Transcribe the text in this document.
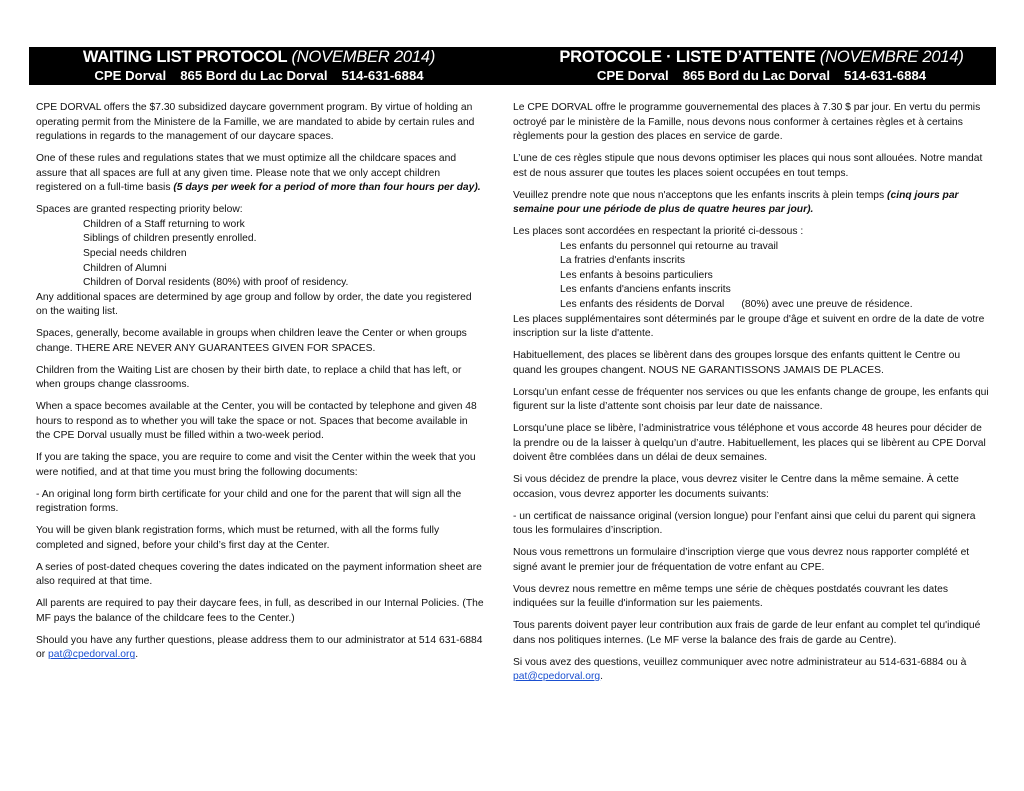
WAITING LIST PROTOCOL (NOVEMBER 2014)
CPE Dorval 865 Bord du Lac Dorval 514-631-6884
PROTOCOLE · LISTE D’ATTENTE (NOVEMBRE 2014)
CPE Dorval 865 Bord du Lac Dorval 514-631-6884

CPE DORVAL offers the $7.30 subsidized daycare government program. By virtue of holding an operating permit from the Ministere de la Famille, we are mandated to abide by certain rules and regulations in regards to the management of our daycare spaces.

One of these rules and regulations states that we must optimize all the childcare spaces and assure that all spaces are full at any given time. Please note that we only accept children registered on a full-time basis (5 days per week for a period of more than four hours per day).

Spaces are granted respecting priority below:
Children of a Staff returning to work
Siblings of children presently enrolled.
Special needs children
Children of Alumni
Children of Dorval residents (80%) with proof of residency.
Any additional spaces are determined by age group and follow by order, the date you registered on the waiting list.

Spaces, generally, become available in groups when children leave the Center or when groups change. THERE ARE NEVER ANY GUARANTEES GIVEN FOR SPACES.

Children from the Waiting List are chosen by their birth date, to replace a child that has left, or when groups change classrooms.

When a space becomes available at the Center, you will be contacted by telephone and given 48 hours to respond as to whether you will take the space or not. Spaces that become available in the CPE Dorval usually must be filled within a two-week period.

If you are taking the space, you are require to come and visit the Center within the week that you were notified, and at that time you must bring the following documents:

- An original long form birth certificate for your child and one for the parent that will sign all the registration forms.

You will be given blank registration forms, which must be returned, with all the forms fully completed and signed, before your child’s first day at the Center.

A series of post-dated cheques covering the dates indicated on the payment information sheet are also required at that time.

All parents are required to pay their daycare fees, in full, as described in our Internal Policies. (The MF pays the balance of the childcare fees to the Center.)

Should you have any further questions, please address them to our administrator at 514 631-6884 or pat@cpedorval.org.

Le CPE DORVAL offre le programme gouvernemental des places à 7.30 $ par jour. En vertu du permis octroyé par le ministère de la Famille, nous devons nous conformer à certaines règles et à certains règlements pour la gestion des places en service de garde.

L’une de ces règles stipule que nous devons optimiser les places qui nous sont allouées. Notre mandat est de nous assurer que toutes les places soient occupées en tout temps.

Veuillez prendre note que nous n'acceptons que les enfants inscrits à plein temps (cinq jours par semaine pour une période de plus de quatre heures par jour).

Les places sont accordées en respectant la priorité ci-dessous :
Les enfants du personnel qui retourne au travail
La fratries d'enfants inscrits
Les enfants à besoins particuliers
Les enfants d'anciens enfants inscrits
Les enfants des résidents de Dorval      (80%) avec une preuve de résidence.
Les places supplémentaires sont déterminés par le groupe d'âge et suivent en ordre de la date de votre inscription sur la liste d'attente.

Habituellement, des places se libèrent dans des groupes lorsque des enfants quittent le Centre ou quand les groupes changent. NOUS NE GARANTISSONS JAMAIS DE PLACES.

Lorsqu’un enfant cesse de fréquenter nos services ou que les enfants change de groupe, les enfants qui figurent sur la liste d’attente sont choisis par leur date de naissance.

Lorsqu’une place se libère, l’administratrice vous téléphone et vous accorde 48 heures pour décider de la prendre ou de la laisser à quelqu’un d’autre. Habituellement, les places qui se libèrent au CPE Dorval doivent être comblées dans un délai de deux semaines.

Si vous décidez de prendre la place, vous devrez visiter le Centre dans la même semaine. À cette occasion, vous devrez apporter les documents suivants:

- un certificat de naissance original (version longue) pour l’enfant ainsi que celui du parent qui signera tous les formulaires d’inscription.

Nous vous remettrons un formulaire d’inscription vierge que vous devrez nous rapporter complété et signé avant le premier jour de fréquentation de votre enfant au CPE.

Vous devrez nous remettre en même temps une série de chèques postdatés couvrant les dates indiquées sur la feuille d'information sur les paiements.

Tous parents doivent payer leur contribution aux frais de garde de leur enfant au complet tel qu'indiqué dans nos politiques internes. (Le MF verse la balance des frais de garde au Centre).

Si vous avez des questions, veuillez communiquer avec notre administrateur au 514-631-6884 ou à pat@cpedorval.org.
